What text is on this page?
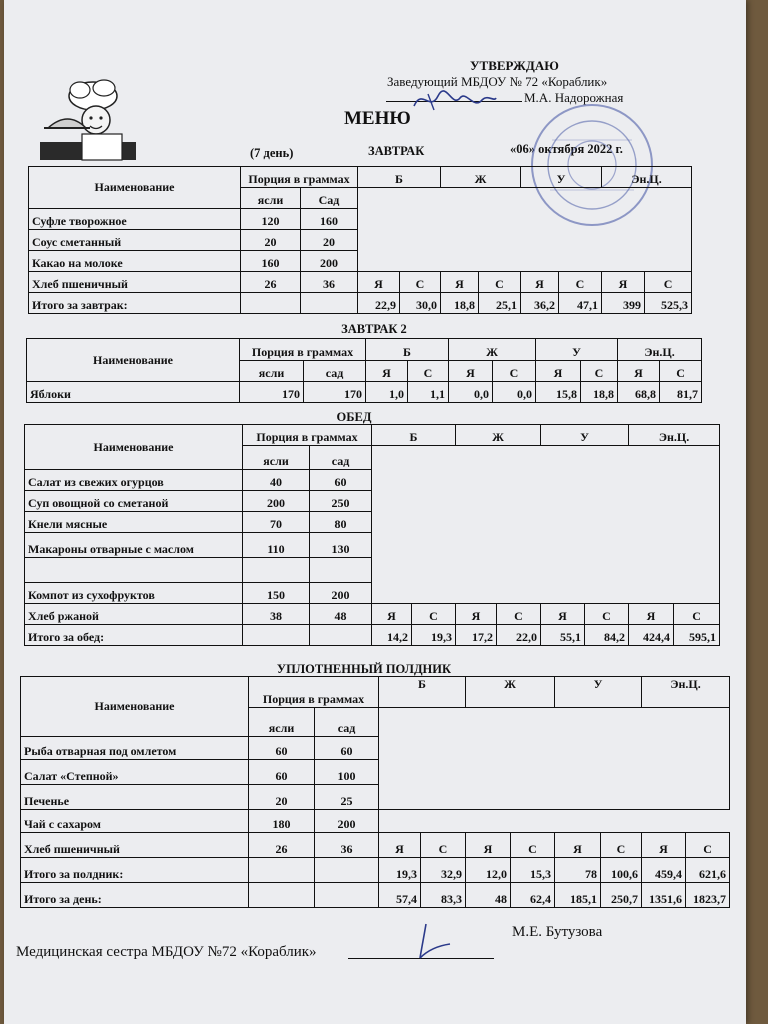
УТВЕРЖДАЮ
Заведующий МБДОУ № 72 «Кораблик»
М.А. Надорожная
МЕНЮ
(7 день)	ЗАВТРАК	«06» октября 2022 г.
Наименование	Порция в граммах		Б		Ж		У		Эн.Ц.	
	ясли	Сад								
Суфле творожное	120	160								
Соус сметанный	20	20								
Какао на молоке	160	200								
Хлеб пшеничный	26	36	Я	С	Я	С	Я	С	Я	С
Итого за завтрак:			22,9	30,0	18,8	25,1	36,2	47,1	399	525,3
ЗАВТРАК 2
Наименование	Порция в граммах		Б		Ж		У		Эн.Ц.	
	ясли	сад	Я	С	Я	С	Я	С	Я	С
Яблоки	170	170	1,0	1,1	0,0	0,0	15,8	18,8	68,8	81,7
ОБЕД
Наименование	Порция в граммах		Б		Ж		У		Эн.Ц.	
	ясли	сад								
Салат из свежих огурцов	40	60								
Суп овощной со сметаной	200	250								
Кнели мясные	70	80								
Макароны отварные с маслом	110	130								

Компот из сухофруктов	150	200								
Хлеб ржаной	38	48	Я	С	Я	С	Я	С	Я	С
Итого за обед:			14,2	19,3	17,2	22,0	55,1	84,2	424,4	595,1
УПЛОТНЕННЫЙ ПОЛДНИК
Наименование	Порция в граммах		Б		Ж		У		Эн.Ц.	
	ясли	сад								
Рыба отварная под омлетом	60	60								
Салат «Степной»	60	100								
Печенье	20	25								
Чай с сахаром	180	200								
Хлеб пшеничный	26	36	Я	С	Я	С	Я	С	Я	С
Итого за полдник:			19,3	32,9	12,0	15,3	78	100,6	459,4	621,6
Итого за день:			57,4	83,3	48	62,4	185,1	250,7	1351,6	1823,7
Медицинская сестра МБДОУ №72 «Кораблик»
М.Е. Бутузова
